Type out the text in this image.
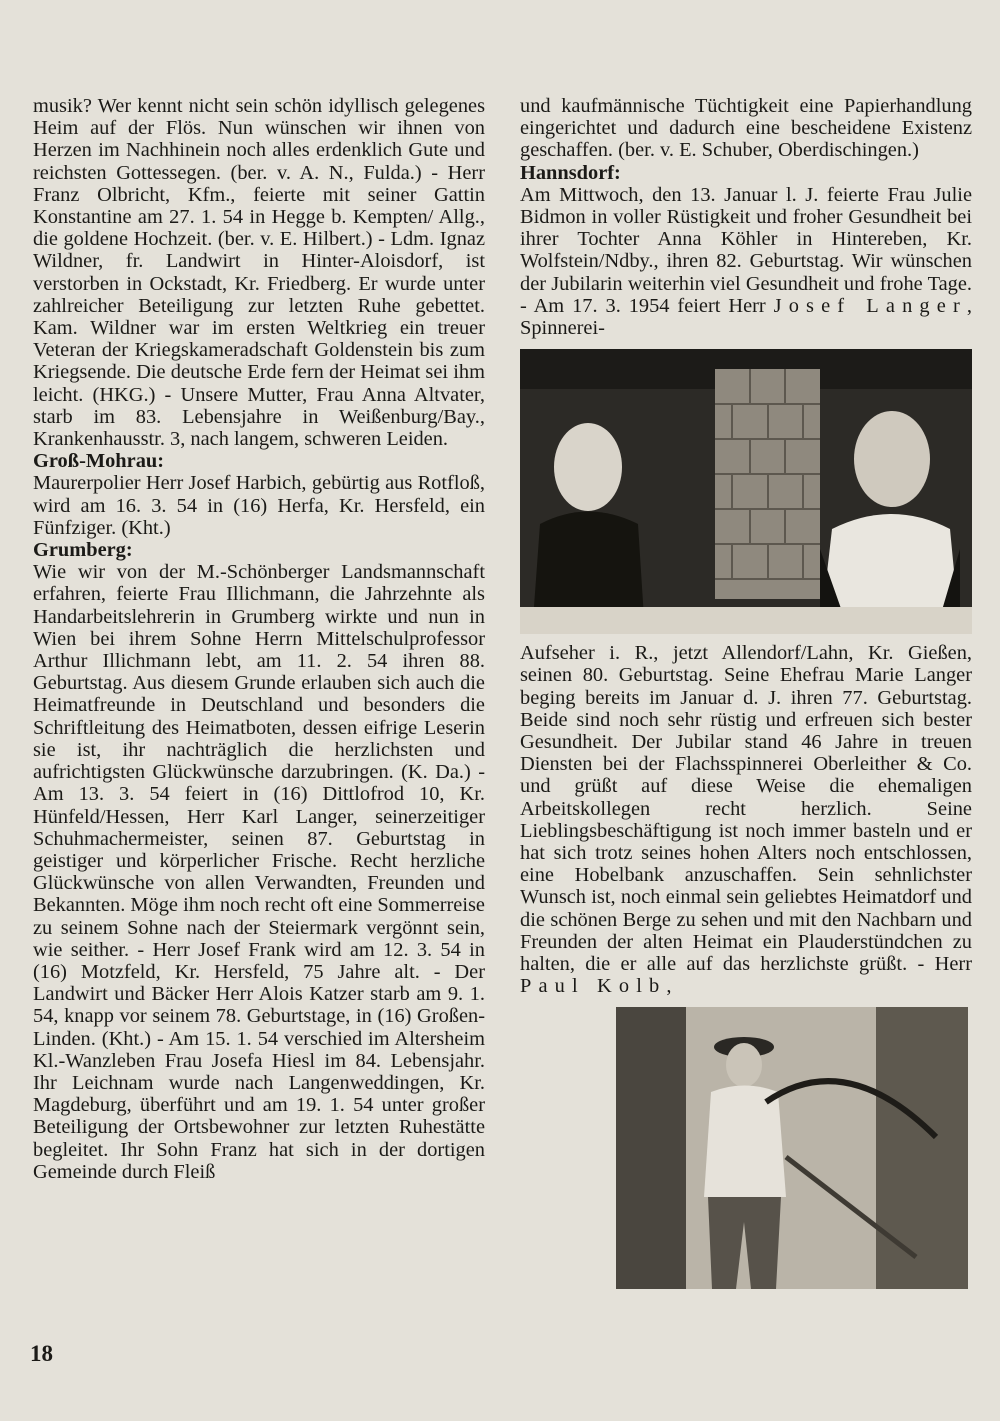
musik? Wer kennt nicht sein schön idyllisch gelegenes Heim auf der Flös. Nun wünschen wir ihnen von Herzen im Nachhinein noch alles erdenklich Gute und reichsten Gottessegen. (ber. v. A. N., Fulda.) - Herr Franz Olbricht, Kfm., feierte mit seiner Gattin Konstantine am 27. 1. 54 in Hegge b. Kempten/ Allg., die goldene Hochzeit. (ber. v. E. Hilbert.) - Ldm. Ignaz Wildner, fr. Landwirt in Hinter-Aloisdorf, ist verstorben in Ockstadt, Kr. Friedberg. Er wurde unter zahlreicher Beteiligung zur letzten Ruhe gebettet. Kam. Wildner war im ersten Weltkrieg ein treuer Veteran der Kriegskameradschaft Goldenstein bis zum Kriegsende. Die deutsche Erde fern der Heimat sei ihm leicht. (HKG.) - Unsere Mutter, Frau Anna Altvater, starb im 83. Lebensjahre in Weißenburg/Bay., Krankenhausstr. 3, nach langem, schweren Leiden.

Groß-Mohrau:

Maurerpolier Herr Josef Harbich, gebürtig aus Rotfloß, wird am 16. 3. 54 in (16) Herfa, Kr. Hersfeld, ein Fünfziger. (Kht.)

Grumberg:

Wie wir von der M.-Schönberger Landsmannschaft erfahren, feierte Frau Illichmann, die Jahrzehnte als Handarbeitslehrerin in Grumberg wirkte und nun in Wien bei ihrem Sohne Herrn Mittelschulprofessor Arthur Illichmann lebt, am 11. 2. 54 ihren 88. Geburtstag. Aus diesem Grunde erlauben sich auch die Heimatfreunde in Deutschland und besonders die Schriftleitung des Heimatboten, dessen eifrige Leserin sie ist, ihr nachträglich die herzlichsten und aufrichtigsten Glückwünsche darzubringen. (K. Da.) - Am 13. 3. 54 feiert in (16) Dittlofrod 10, Kr. Hünfeld/Hessen, Herr Karl Langer, seinerzeitiger Schuhmachermeister, seinen 87. Geburtstag in geistiger und körperlicher Frische. Recht herzliche Glückwünsche von allen Verwandten, Freunden und Bekannten. Möge ihm noch recht oft eine Sommerreise zu seinem Sohne nach der Steiermark vergönnt sein, wie seither. - Herr Josef Frank wird am 12. 3. 54 in (16) Motzfeld, Kr. Hersfeld, 75 Jahre alt. - Der Landwirt und Bäcker Herr Alois Katzer starb am 9. 1. 54, knapp vor seinem 78. Geburtstage, in (16) Großen-Linden. (Kht.) - Am 15. 1. 54 verschied im Altersheim Kl.-Wanzleben Frau Josefa Hiesl im 84. Lebensjahr. Ihr Leichnam wurde nach Langenweddingen, Kr. Magdeburg, überführt und am 19. 1. 54 unter großer Beteiligung der Ortsbewohner zur letzten Ruhestätte begleitet. Ihr Sohn Franz hat sich in der dortigen Gemeinde durch Fleiß

und kaufmännische Tüchtigkeit eine Papierhandlung eingerichtet und dadurch eine bescheidene Existenz geschaffen. (ber. v. E. Schuber, Oberdischingen.)

Hannsdorf:

Am Mittwoch, den 13. Januar l. J. feierte Frau Julie Bidmon in voller Rüstigkeit und froher Gesundheit bei ihrer Tochter Anna Köhler in Hintereben, Kr. Wolfstein/Ndby., ihren 82. Geburtstag. Wir wünschen der Jubilarin weiterhin viel Gesundheit und frohe Tage. - Am 17. 3. 1954 feiert Herr Josef Langer, Spinnerei-

Aufseher i. R., jetzt Allendorf/Lahn, Kr. Gießen, seinen 80. Geburtstag. Seine Ehefrau Marie Langer beging bereits im Januar d. J. ihren 77. Geburtstag. Beide sind noch sehr rüstig und erfreuen sich bester Gesundheit. Der Jubilar stand 46 Jahre in treuen Diensten bei der Flachsspinnerei Oberleither & Co. und grüßt auf diese Weise die ehemaligen Arbeitskollegen recht herzlich. Seine Lieblingsbeschäftigung ist noch immer basteln und er hat sich trotz seines hohen Alters noch entschlossen, eine Hobelbank anzuschaffen. Sein sehnlichster Wunsch ist, noch einmal sein geliebtes Heimatdorf und die schönen Berge zu sehen und mit den Nachbarn und Freunden der alten Heimat ein Plauderstündchen zu halten, die er alle auf das herzlichste grüßt. - Herr Paul Kolb,

18
